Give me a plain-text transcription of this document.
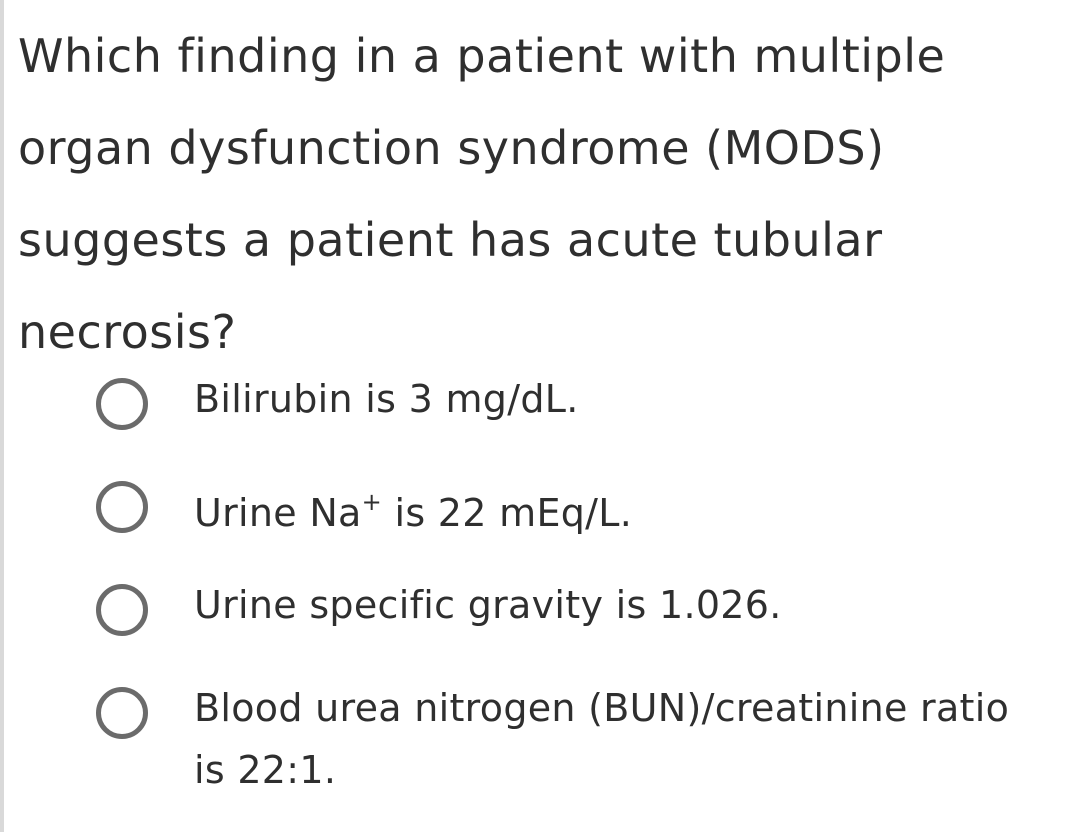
Which finding in a patient with multiple organ dysfunction syndrome (MODS) suggests a patient has acute tubular necrosis?

Bilirubin is 3 mg/dL.
Urine Na+ is 22 mEq/L.
Urine specific gravity is 1.026.
Blood urea nitrogen (BUN)/creatinine ratio is 22:1.
